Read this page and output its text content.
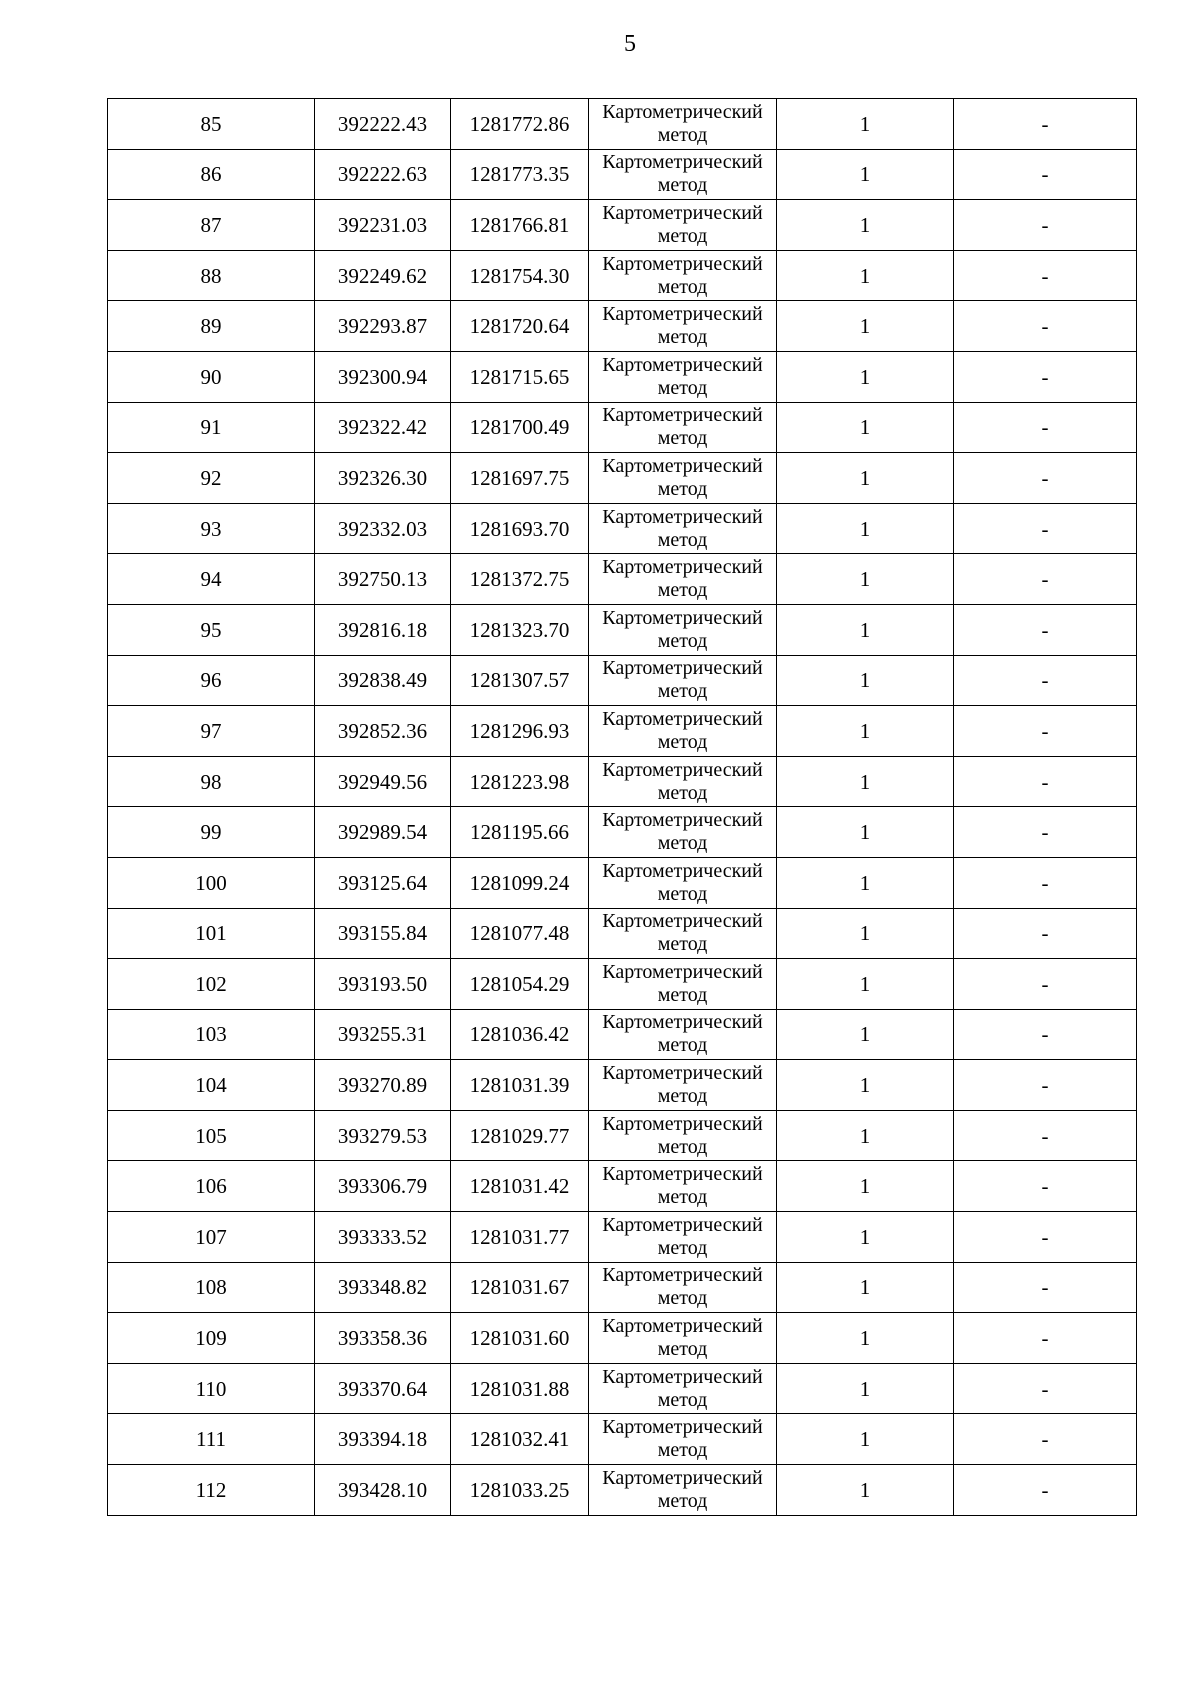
5
85	392222.43	1281772.86	Картометрический метод	1	-
86	392222.63	1281773.35	Картометрический метод	1	-
87	392231.03	1281766.81	Картометрический метод	1	-
88	392249.62	1281754.30	Картометрический метод	1	-
89	392293.87	1281720.64	Картометрический метод	1	-
90	392300.94	1281715.65	Картометрический метод	1	-
91	392322.42	1281700.49	Картометрический метод	1	-
92	392326.30	1281697.75	Картометрический метод	1	-
93	392332.03	1281693.70	Картометрический метод	1	-
94	392750.13	1281372.75	Картометрический метод	1	-
95	392816.18	1281323.70	Картометрический метод	1	-
96	392838.49	1281307.57	Картометрический метод	1	-
97	392852.36	1281296.93	Картометрический метод	1	-
98	392949.56	1281223.98	Картометрический метод	1	-
99	392989.54	1281195.66	Картометрический метод	1	-
100	393125.64	1281099.24	Картометрический метод	1	-
101	393155.84	1281077.48	Картометрический метод	1	-
102	393193.50	1281054.29	Картометрический метод	1	-
103	393255.31	1281036.42	Картометрический метод	1	-
104	393270.89	1281031.39	Картометрический метод	1	-
105	393279.53	1281029.77	Картометрический метод	1	-
106	393306.79	1281031.42	Картометрический метод	1	-
107	393333.52	1281031.77	Картометрический метод	1	-
108	393348.82	1281031.67	Картометрический метод	1	-
109	393358.36	1281031.60	Картометрический метод	1	-
110	393370.64	1281031.88	Картометрический метод	1	-
111	393394.18	1281032.41	Картометрический метод	1	-
112	393428.10	1281033.25	Картометрический метод	1	-
